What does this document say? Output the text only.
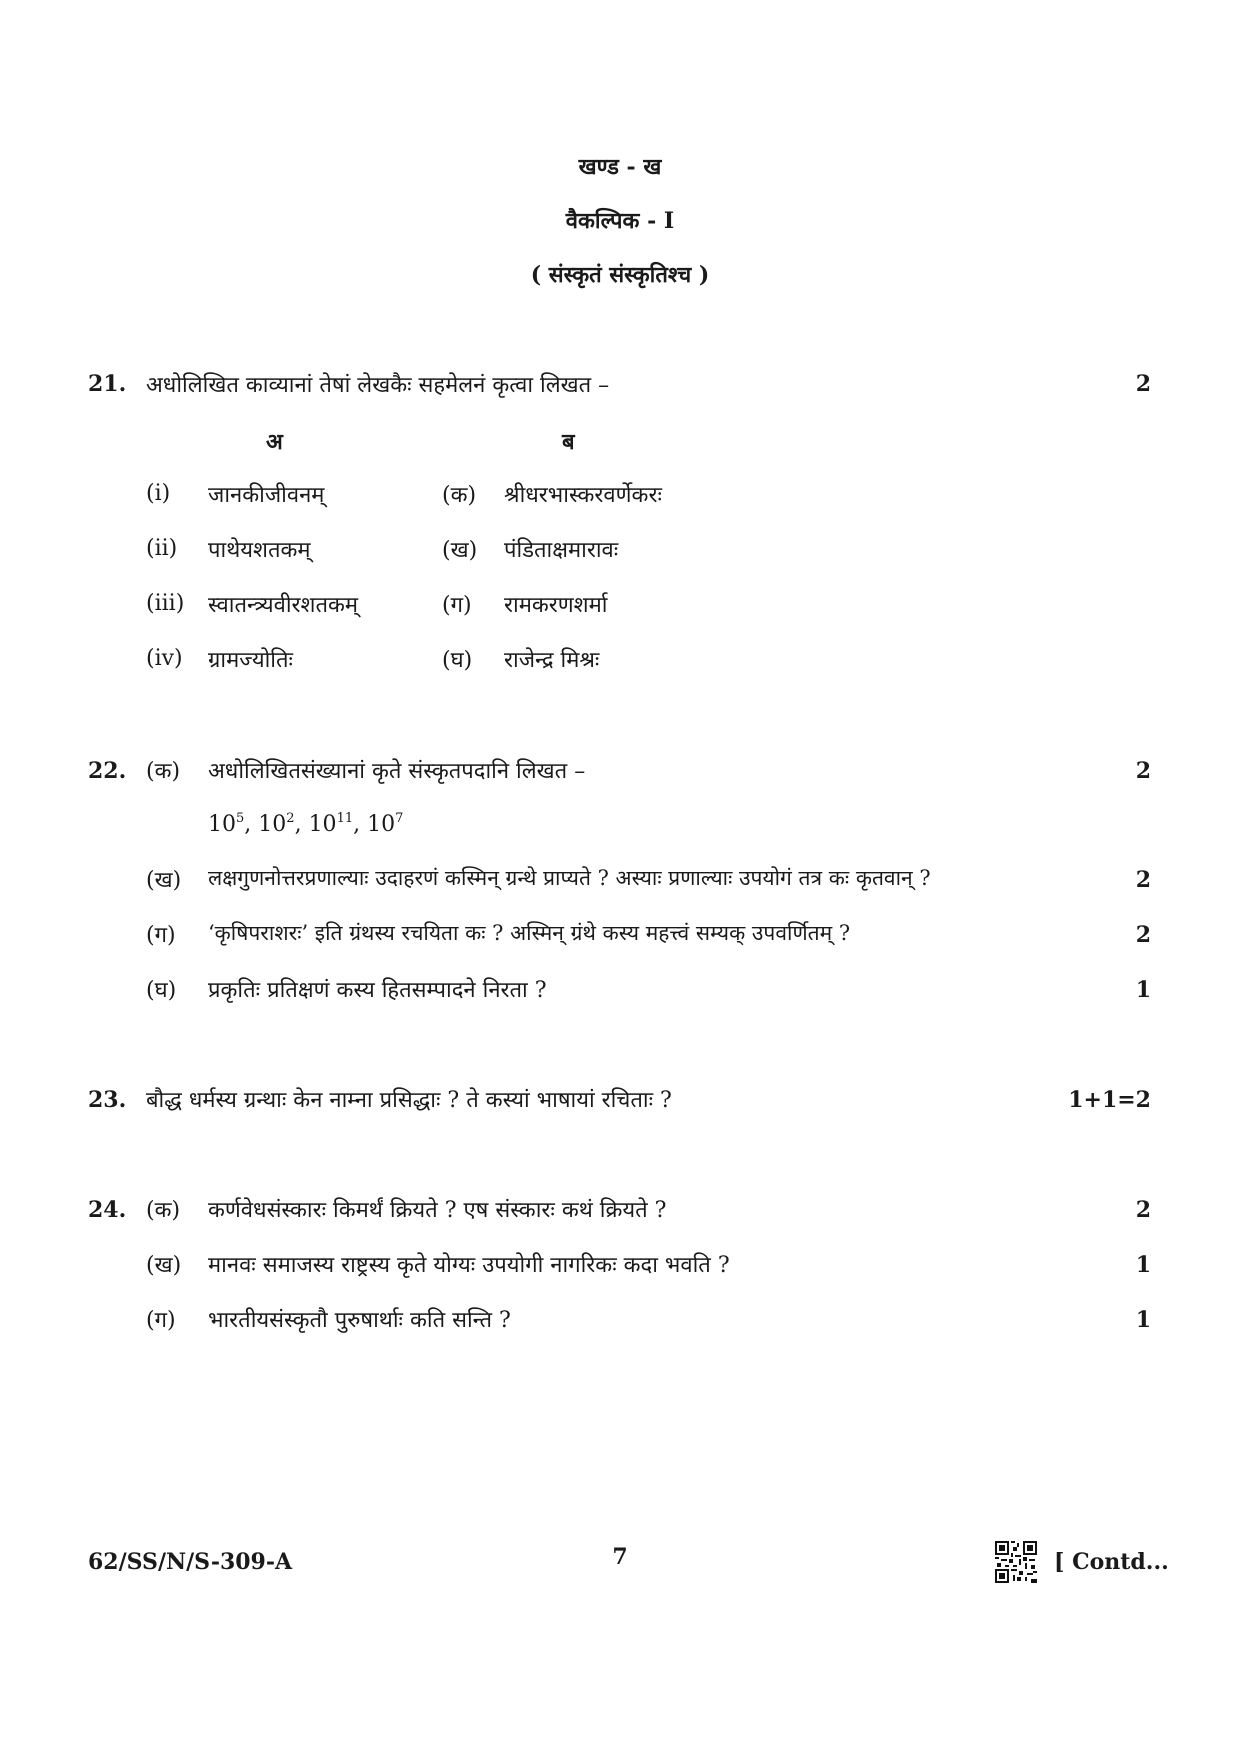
खण्ड - ख
वैकल्पिक - I
( संस्कृतं संस्कृतिश्च )
21. अधोलिखित काव्यानां तेषां लेखकैः सहमेलनं कृत्वा लिखत –	2
अ	ब
(i) जानकीजीवनम्	(क) श्रीधरभास्करवर्णेकरः
(ii) पाथेयशतकम्	(ख) पंडिताक्षमारावः
(iii) स्वातन्त्र्यवीरशतकम्	(ग) रामकरणशर्मा
(iv) ग्रामज्योतिः	(घ) राजेन्द्र मिश्रः
22. (क) अधोलिखितसंख्यानां कृते संस्कृतपदानि लिखत –	2
$10^5$, $10^2$, $10^{11}$, $10^7$
(ख) लक्षगुणनोत्तरप्रणाल्याः उदाहरणं कस्मिन् ग्रन्थे प्राप्यते ? अस्याः प्रणाल्याः उपयोगं तत्र कः कृतवान् ?	2
(ग) ‘कृषिपराशरः’ इति ग्रंथस्य रचयिता कः ? अस्मिन् ग्रंथे कस्य महत्त्वं सम्यक् उपवर्णितम् ?	2
(घ) प्रकृतिः प्रतिक्षणं कस्य हितसम्पादने निरता ?	1
23. बौद्ध धर्मस्य ग्रन्थाः केन नाम्ना प्रसिद्धाः ? ते कस्यां भाषायां रचिताः ?	1+1=2
24. (क) कर्णवेधसंस्कारः किमर्थं क्रियते ? एष संस्कारः कथं क्रियते ?	2
(ख) मानवः समाजस्य राष्ट्रस्य कृते योग्यः उपयोगी नागरिकः कदा भवति ?	1
(ग) भारतीयसंस्कृतौ पुरुषार्थाः कति सन्ति ?	1
62/SS/N/S-309-A	7	[ Contd...
